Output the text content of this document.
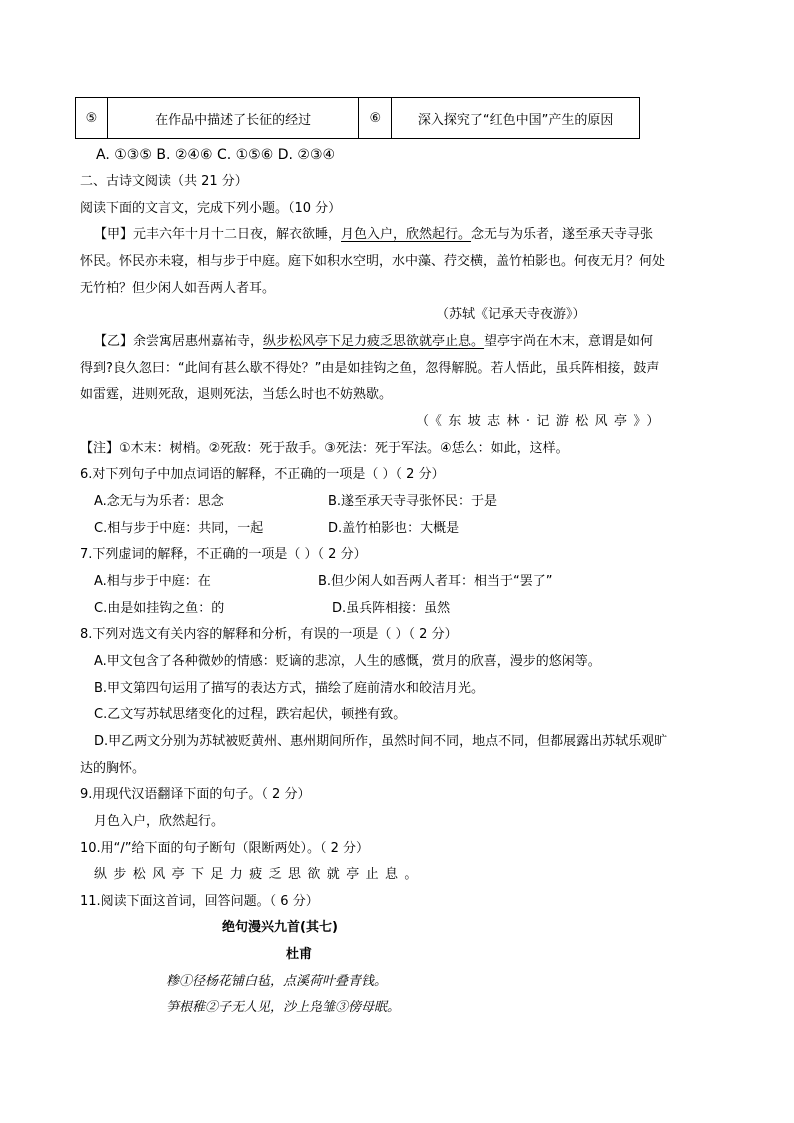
⑤	在作品中描述了长征的经过	⑥	深入探究了“红色中国”产生的原因
A. ①③⑤ B. ②④⑥ C. ①⑤⑥ D. ②③④
二、古诗文阅读（共 21 分）
阅读下面的文言文，完成下列小题。（10 分）
【甲】元丰六年十月十二日夜，解衣欲睡，月色入户，欣然起行。念无与为乐者，遂至承天寺寻张
怀民。怀民亦未寝，相与步于中庭。庭下如积水空明，水中藻、荇交横，盖竹柏影也。何夜无月？何处
无竹柏？但少闲人如吾两人者耳。
（苏轼《记承天寺夜游》）
【乙】余尝寓居惠州嘉祐寺，纵步松风亭下足力疲乏思欲就亭止息。望亭宇尚在木末，意谓是如何
得到?良久忽曰：“此间有甚么歇不得处？”由是如挂钩之鱼，忽得解脱。若人悟此，虽兵阵相接，鼓声
如雷霆，进则死敌，退则死法，当恁么时也不妨熟歇。
（《东坡志林·记游松风亭》）
【注】①木末：树梢。②死敌：死于敌手。③死法：死于军法。④恁么：如此，这样。
6.对下列句子中加点词语的解释，不正确的一项是（ ）（ 2 分）
A.念无与为乐者：思念	B.遂至承天寺寻张怀民：于是
C.相与步于中庭：共同，一起	D.盖竹柏影也：大概是
7.下列虚词的解释，不正确的一项是（ ）（ 2 分）
A.相与步于中庭：在	B.但少闲人如吾两人者耳：相当于“罢了”
C.由是如挂钩之鱼：的	D.虽兵阵相接：虽然
8.下列对选文有关内容的解释和分析，有误的一项是（ ）（ 2 分）
A.甲文包含了各种微妙的情感：贬谪的悲凉，人生的感慨，赏月的欣喜，漫步的悠闲等。
B.甲文第四句运用了描写的表达方式，描绘了庭前清水和皎洁月光。
C.乙文写苏轼思绪变化的过程，跌宕起伏，顿挫有致。
D.甲乙两文分别为苏轼被贬黄州、惠州期间所作，虽然时间不同，地点不同，但都展露出苏轼乐观旷
达的胸怀。
9.用现代汉语翻译下面的句子。（ 2 分）
月色入户，欣然起行。
10.用“/”给下面的句子断句（限断两处）。（ 2 分）
纵步松风亭下足力疲乏思欲就亭止息。
11.阅读下面这首词，回答问题。（ 6 分）
绝句漫兴九首(其七)
杜甫
糁①径杨花铺白毡，点溪荷叶叠青钱。
笋根稚②子无人见，沙上凫雏③傍母眠。
